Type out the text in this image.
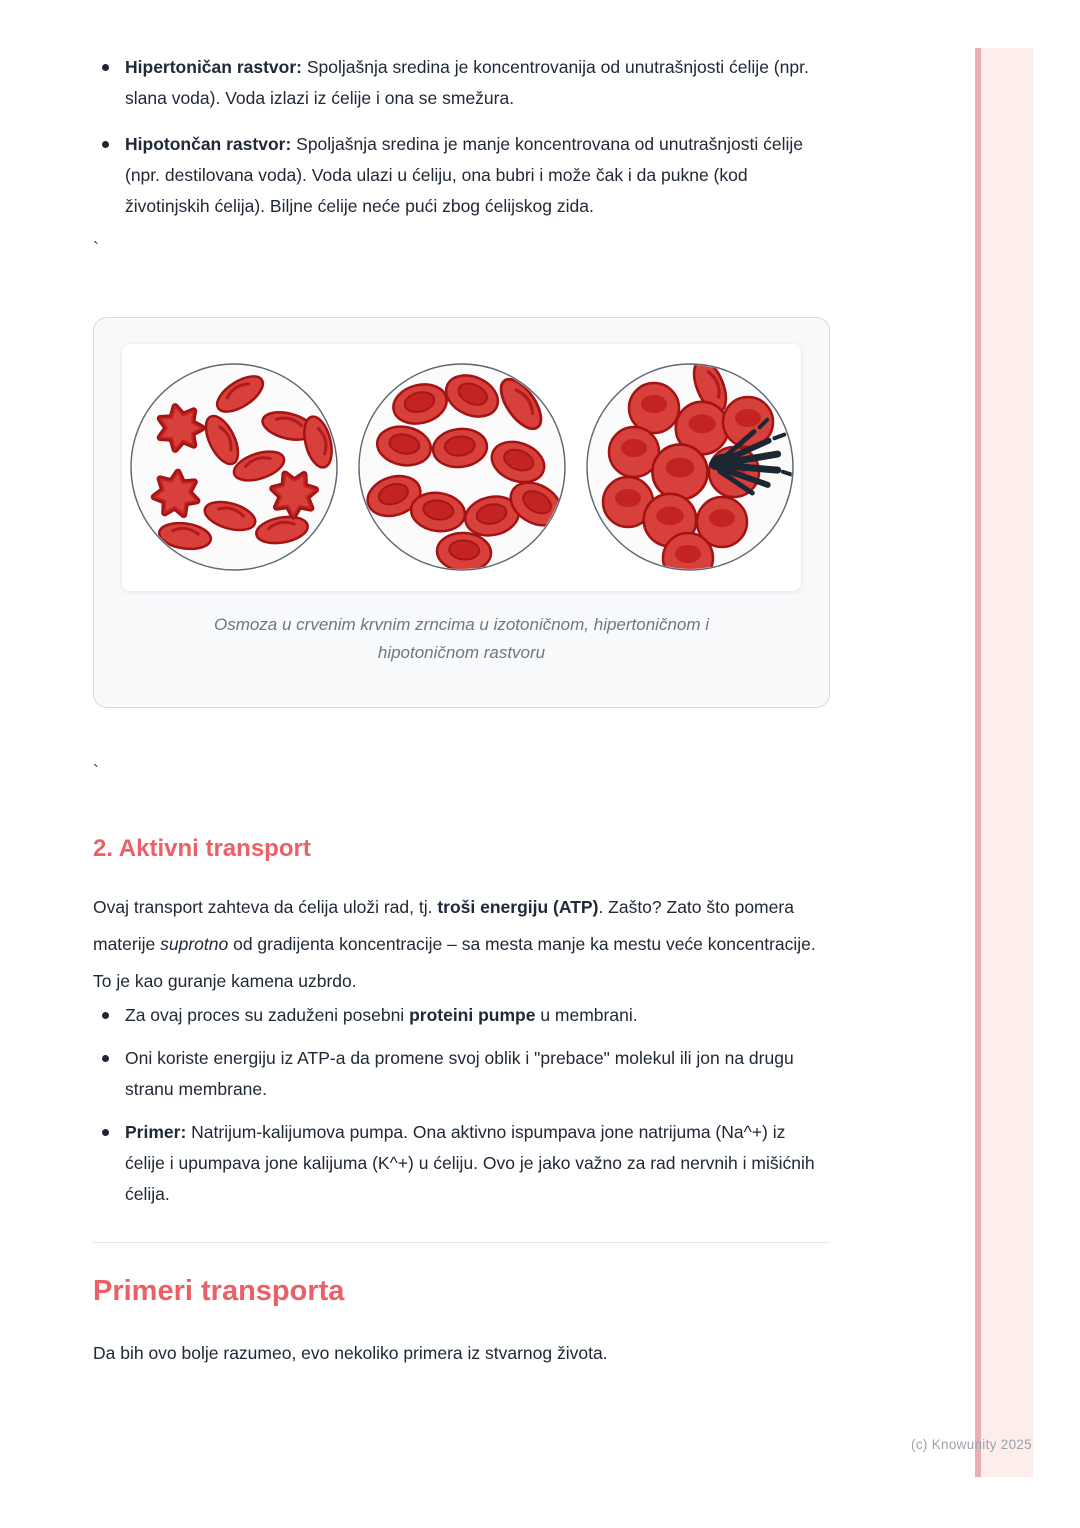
(c) Knowunity 2025
Hipertoničan rastvor: Spoljašnja sredina je koncentrovanija od unutrašnjosti ćelije (npr. slana voda). Voda izlazi iz ćelije i ona se smežura.
Hipotončan rastvor: Spoljašnja sredina je manje koncentrovana od unutrašnjosti ćelije (npr. destilovana voda). Voda ulazi u ćeliju, ona bubri i može čak i da pukne (kod životinjskih ćelija). Biljne ćelije neće pući zbog ćelijskog zida.
`
Osmoza u crvenim krvnim zrncima u izotoničnom, hipertoničnom i hipotoničnom rastvoru
`
2. Aktivni transport
Ovaj transport zahteva da ćelija uloži rad, tj. troši energiju (ATP). Zašto? Zato što pomera materije suprotno od gradijenta koncentracije – sa mesta manje ka mestu veće koncentracije. To je kao guranje kamena uzbrdo.
Za ovaj proces su zaduženi posebni proteini pumpe u membrani.
Oni koriste energiju iz ATP-a da promene svoj oblik i "prebace" molekul ili jon na drugu stranu membrane.
Primer: Natrijum-kalijumova pumpa. Ona aktivno ispumpava jone natrijuma (Na^+) iz ćelije i upumpava jone kalijuma (K^+) u ćeliju. Ovo je jako važno za rad nervnih i mišićnih ćelija.
Primeri transporta
Da bih ovo bolje razumeo, evo nekoliko primera iz stvarnog života.
